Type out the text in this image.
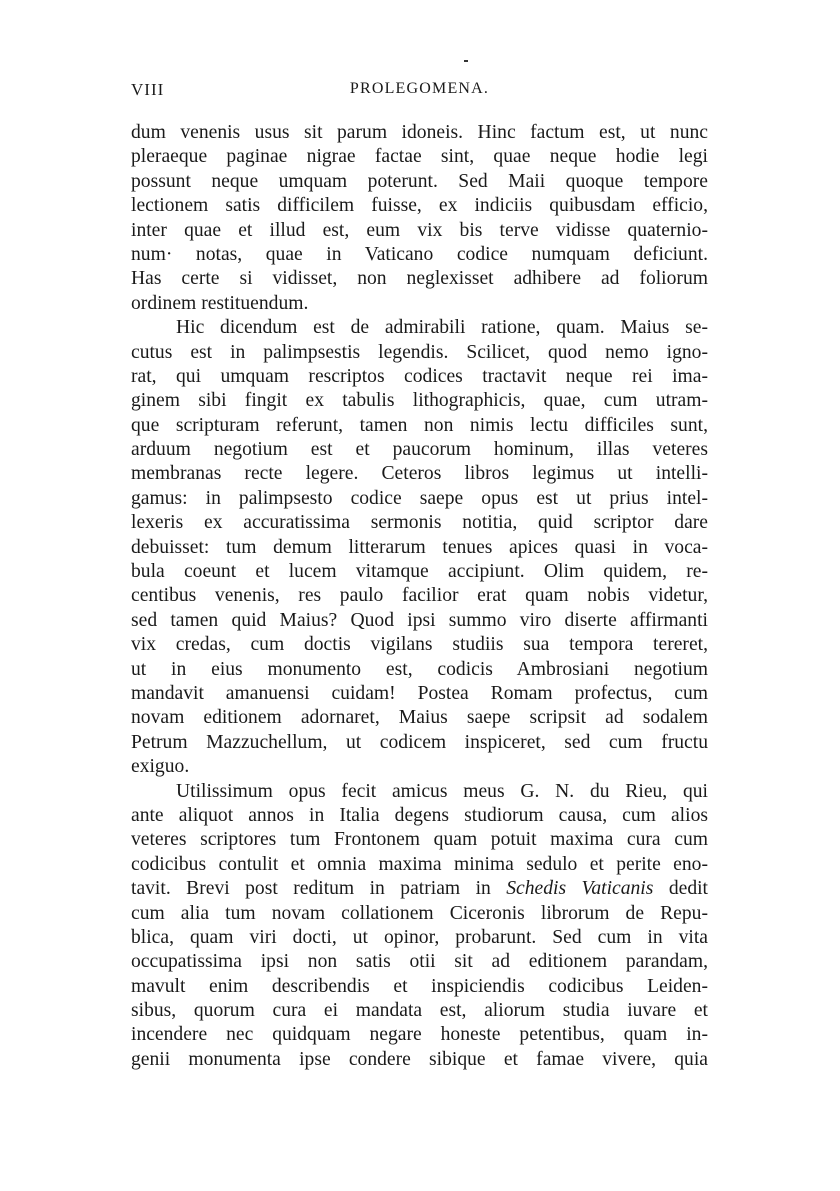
VIII	PROLEGOMENA.
dum venenis usus sit parum idoneis. Hinc factum est, ut nunc
pleraeque paginae nigrae factae sint, quae neque hodie legi
possunt neque umquam poterunt. Sed Maii quoque tempore
lectionem satis difficilem fuisse, ex indiciis quibusdam efficio,
inter quae et illud est, eum vix bis terve vidisse quaternio-
num· notas, quae in Vaticano codice numquam deficiunt.
Has certe si vidisset, non neglexisset adhibere ad foliorum
ordinem restituendum.
Hic dicendum est de admirabili ratione, quam. Maius se-
cutus est in palimpsestis legendis. Scilicet, quod nemo igno-
rat, qui umquam rescriptos codices tractavit neque rei ima-
ginem sibi fingit ex tabulis lithographicis, quae, cum utram-
que scripturam referunt, tamen non nimis lectu difficiles sunt,
arduum negotium est et paucorum hominum, illas veteres
membranas recte legere. Ceteros libros legimus ut intelli-
gamus: in palimpsesto codice saepe opus est ut prius intel-
lexeris ex accuratissima sermonis notitia, quid scriptor dare
debuisset: tum demum litterarum tenues apices quasi in voca-
bula coeunt et lucem vitamque accipiunt. Olim quidem, re-
centibus venenis, res paulo facilior erat quam nobis videtur,
sed tamen quid Maius? Quod ipsi summo viro diserte affirmanti
vix credas, cum doctis vigilans studiis sua tempora tereret,
ut in eius monumento est, codicis Ambrosiani negotium
mandavit amanuensi cuidam! Postea Romam profectus, cum
novam editionem adornaret, Maius saepe scripsit ad sodalem
Petrum Mazzuchellum, ut codicem inspiceret, sed cum fructu
exiguo.
Utilissimum opus fecit amicus meus G. N. du Rieu, qui
ante aliquot annos in Italia degens studiorum causa, cum alios
veteres scriptores tum Frontonem quam potuit maxima cura cum
codicibus contulit et omnia maxima minima sedulo et perite eno-
tavit. Brevi post reditum in patriam in Schedis Vaticanis dedit
cum alia tum novam collationem Ciceronis librorum de Repu-
blica, quam viri docti, ut opinor, probarunt. Sed cum in vita
occupatissima ipsi non satis otii sit ad editionem parandam,
mavult enim describendis et inspiciendis codicibus Leiden-
sibus, quorum cura ei mandata est, aliorum studia iuvare et
incendere nec quidquam negare honeste petentibus, quam in-
genii monumenta ipse condere sibique et famae vivere, quia
